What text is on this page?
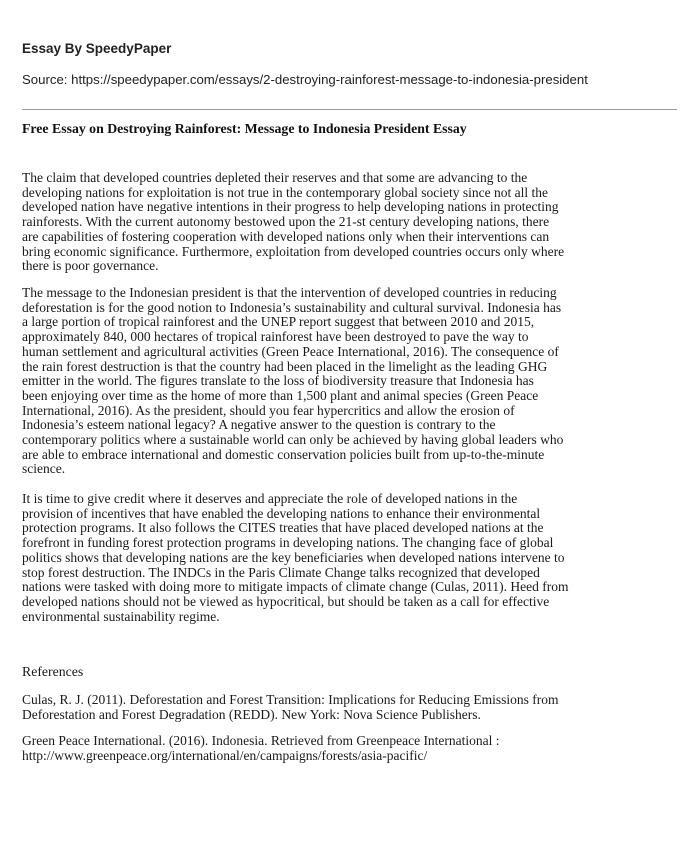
Essay By SpeedyPaper
Source: https://speedypaper.com/essays/2-destroying-rainforest-message-to-indonesia-president
Free Essay on Destroying Rainforest: Message to Indonesia President Essay

The claim that developed countries depleted their reserves and that some are advancing to the
developing nations for exploitation is not true in the contemporary global society since not all the
developed nation have negative intentions in their progress to help developing nations in protecting
rainforests. With the current autonomy bestowed upon the 21-st century developing nations, there
are capabilities of fostering cooperation with developed nations only when their interventions can
bring economic significance. Furthermore, exploitation from developed countries occurs only where
there is poor governance.

The message to the Indonesian president is that the intervention of developed countries in reducing
deforestation is for the good notion to Indonesia’s sustainability and cultural survival. Indonesia has
a large portion of tropical rainforest and the UNEP report suggest that between 2010 and 2015,
approximately 840, 000 hectares of tropical rainforest have been destroyed to pave the way to
human settlement and agricultural activities (Green Peace International, 2016). The consequence of
the rain forest destruction is that the country had been placed in the limelight as the leading GHG
emitter in the world. The figures translate to the loss of biodiversity treasure that Indonesia has
been enjoying over time as the home of more than 1,500 plant and animal species (Green Peace
International, 2016). As the president, should you fear hypercritics and allow the erosion of
Indonesia’s esteem national legacy? A negative answer to the question is contrary to the
contemporary politics where a sustainable world can only be achieved by having global leaders who
are able to embrace international and domestic conservation policies built from up-to-the-minute
science.

It is time to give credit where it deserves and appreciate the role of developed nations in the
provision of incentives that have enabled the developing nations to enhance their environmental
protection programs. It also follows the CITES treaties that have placed developed nations at the
forefront in funding forest protection programs in developing nations. The changing face of global
politics shows that developing nations are the key beneficiaries when developed nations intervene to
stop forest destruction. The INDCs in the Paris Climate Change talks recognized that developed
nations were tasked with doing more to mitigate impacts of climate change (Culas, 2011). Heed from
developed nations should not be viewed as hypocritical, but should be taken as a call for effective
environmental sustainability regime.

References
Culas, R. J. (2011). Deforestation and Forest Transition: Implications for Reducing Emissions from
Deforestation and Forest Degradation (REDD). New York: Nova Science Publishers.
Green Peace International. (2016). Indonesia. Retrieved from Greenpeace International :
http://www.greenpeace.org/international/en/campaigns/forests/asia-pacific/
